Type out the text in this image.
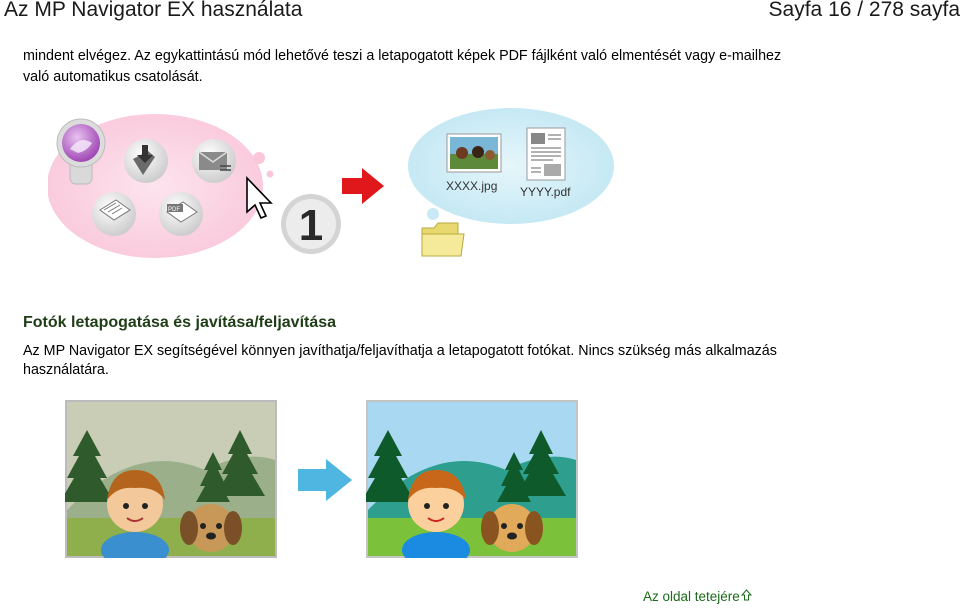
Az MP Navigator EX használata	Sayfa 16 / 278 sayfa

mindent elvégez. Az egykattintású mód lehetővé teszi a letapogatott képek PDF fájlként való elmentését vagy e-mailhez való automatikus csatolását.

PDF	1
XXXX.jpg YYYY.pdf
Fotók letapogatása és javítása/feljavítása

Az MP Navigator EX segítségével könnyen javíthatja/feljavíthatja a letapogatott fotókat. Nincs szükség más alkalmazás használatára.

Az oldal tetejére
